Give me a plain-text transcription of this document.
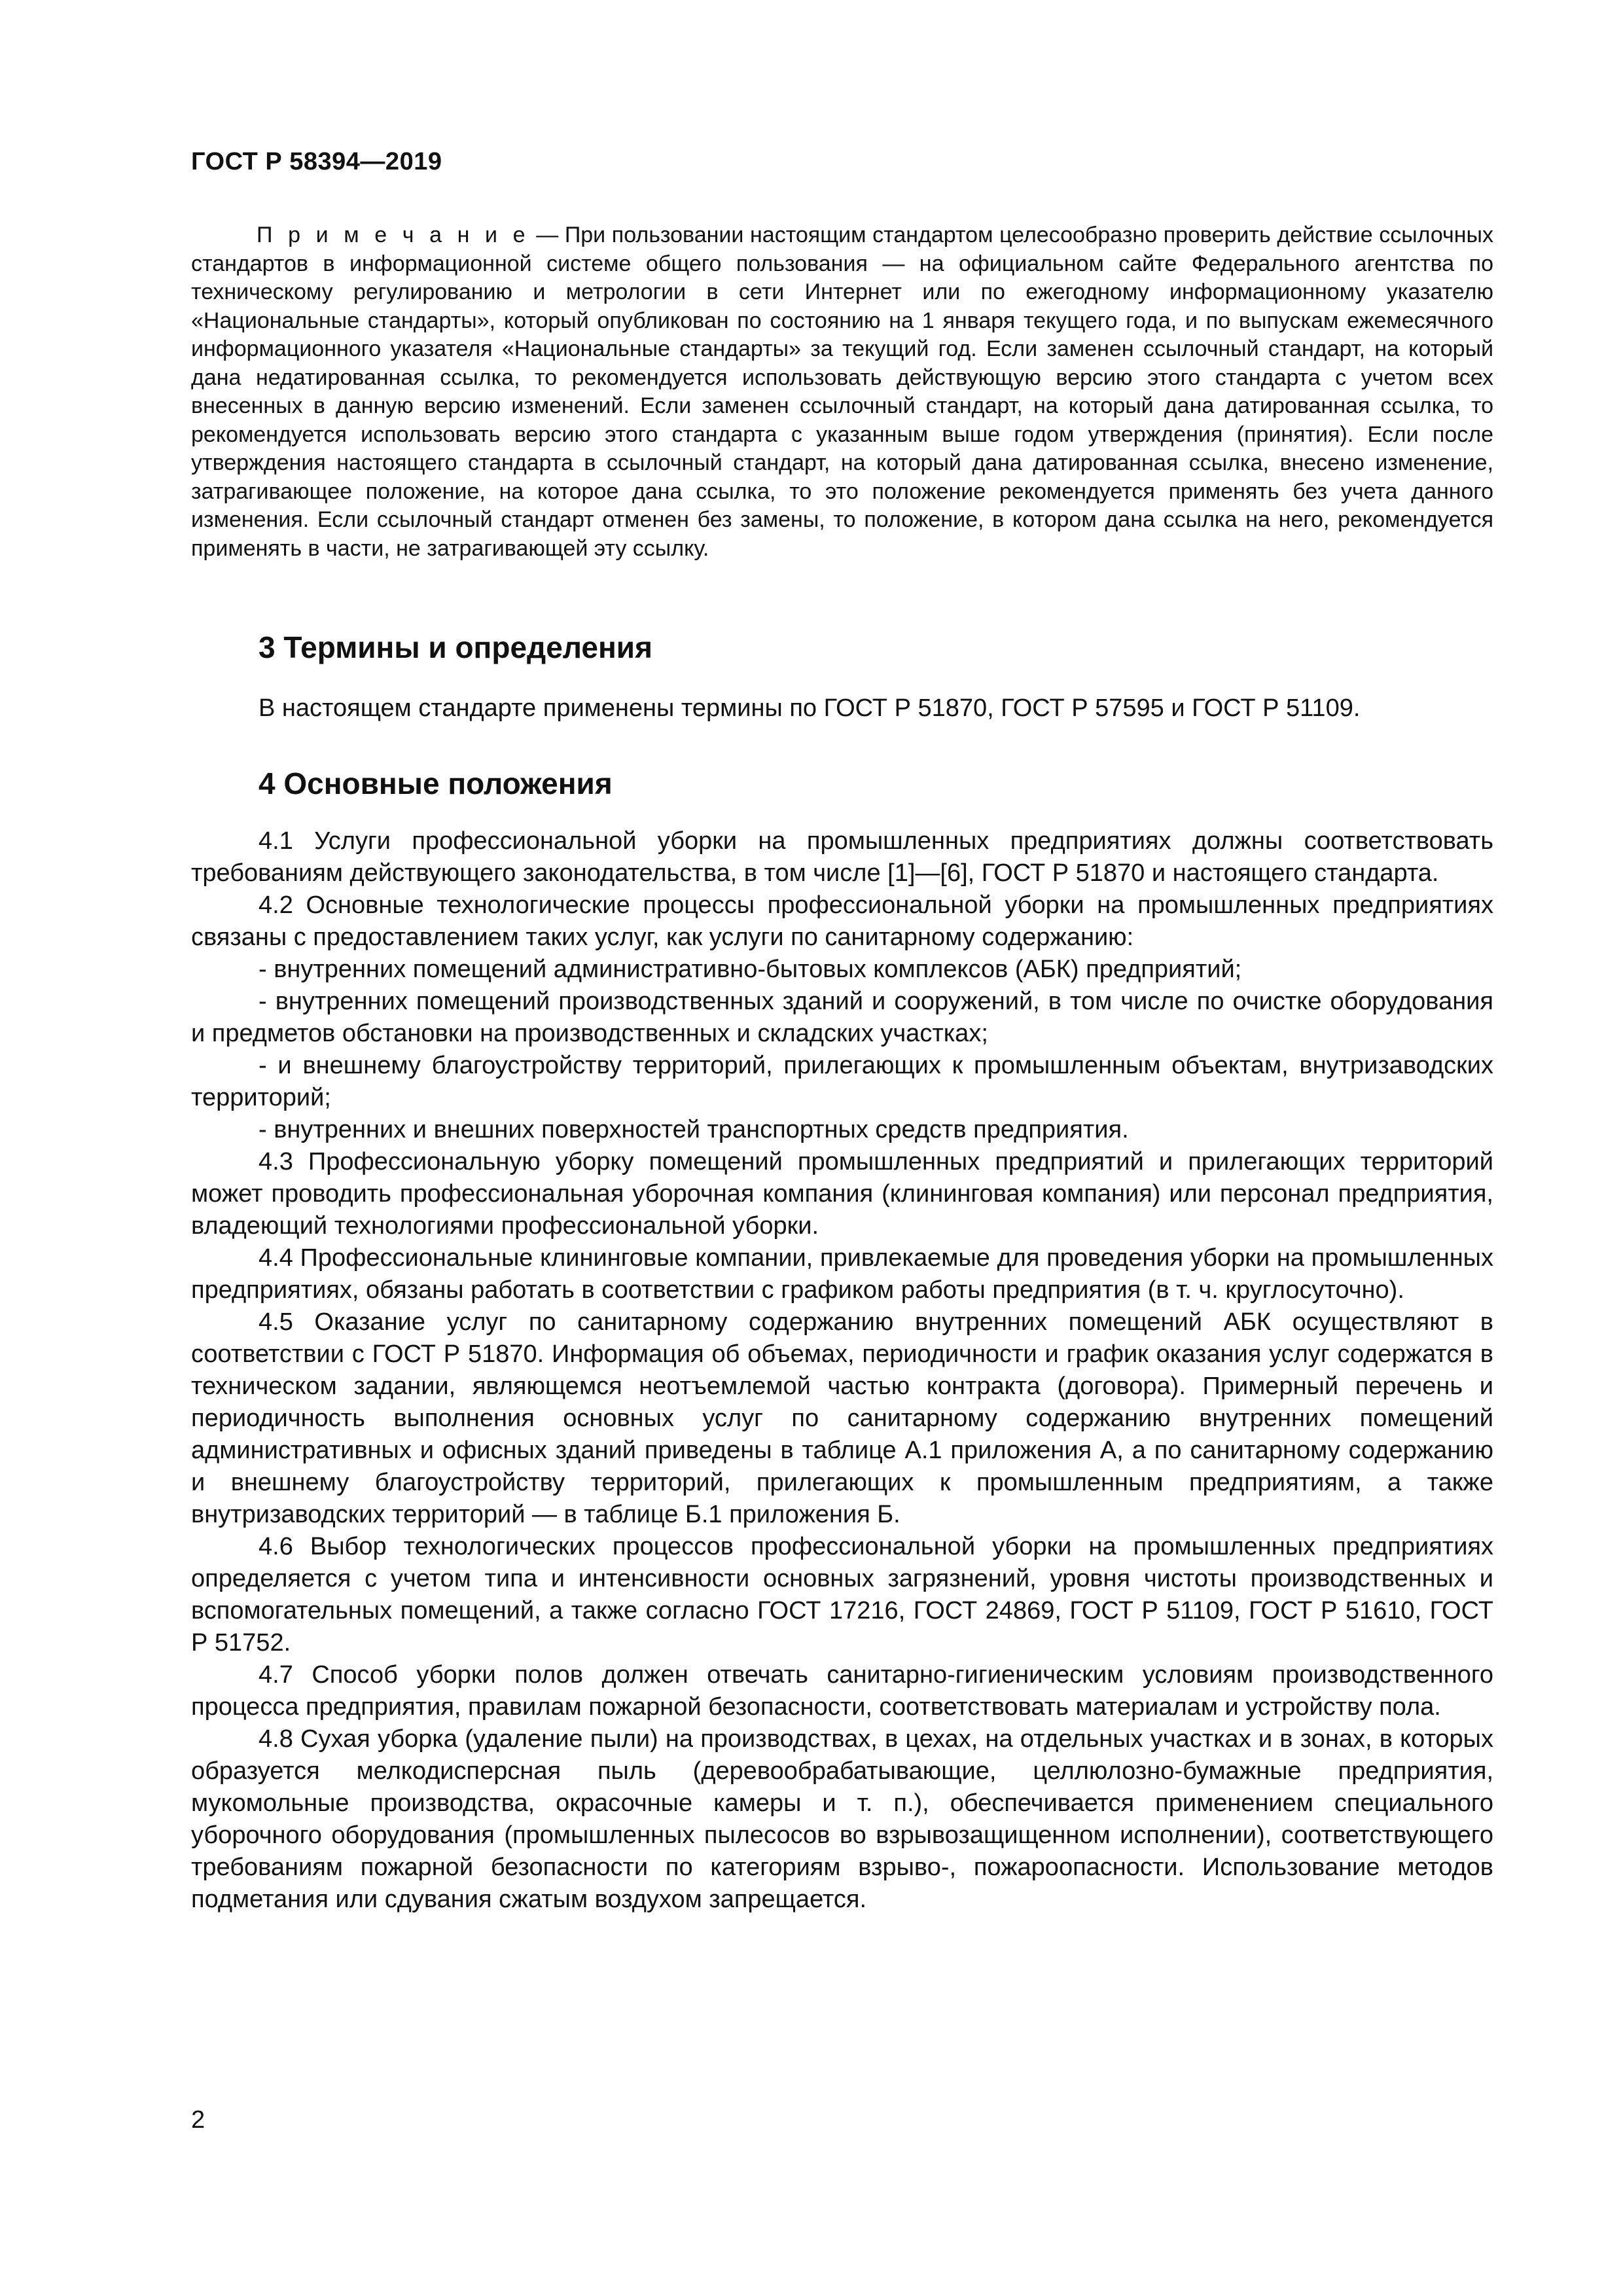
ГОСТ Р 58394—2019
П р и м е ч а н и е — При пользовании настоящим стандартом целесообразно проверить действие ссылочных стандартов в информационной системе общего пользования — на официальном сайте Федерального агентства по техническому регулированию и метрологии в сети Интернет или по ежегодному информационному указателю «Национальные стандарты», который опубликован по состоянию на 1 января текущего года, и по выпускам ежемесячного информационного указателя «Национальные стандарты» за текущий год. Если заменен ссылочный стандарт, на который дана недатированная ссылка, то рекомендуется использовать действующую версию этого стандарта с учетом всех внесенных в данную версию изменений. Если заменен ссылочный стандарт, на который дана датированная ссылка, то рекомендуется использовать версию этого стандарта с указанным выше годом утверждения (принятия). Если после утверждения настоящего стандарта в ссылочный стандарт, на который дана датированная ссылка, внесено изменение, затрагивающее положение, на которое дана ссылка, то это положение рекомендуется применять без учета данного изменения. Если ссылочный стандарт отменен без замены, то положение, в котором дана ссылка на него, рекомендуется применять в части, не затрагивающей эту ссылку.
3 Термины и определения

В настоящем стандарте применены термины по ГОСТ Р 51870, ГОСТ Р 57595 и ГОСТ Р 51109.

4 Основные положения

4.1 Услуги профессиональной уборки на промышленных предприятиях должны соответствовать требованиям действующего законодательства, в том числе [1]—[6], ГОСТ Р 51870 и настоящего стандарта.

4.2 Основные технологические процессы профессиональной уборки на промышленных предприятиях связаны с предоставлением таких услуг, как услуги по санитарному содержанию:

- внутренних помещений административно-бытовых комплексов (АБК) предприятий;

- внутренних помещений производственных зданий и сооружений, в том числе по очистке оборудования и предметов обстановки на производственных и складских участках;

- и внешнему благоустройству территорий, прилегающих к промышленным объектам, внутризаводских территорий;

- внутренних и внешних поверхностей транспортных средств предприятия.

4.3 Профессиональную уборку помещений промышленных предприятий и прилегающих территорий может проводить профессиональная уборочная компания (клининговая компания) или персонал предприятия, владеющий технологиями профессиональной уборки.

4.4 Профессиональные клининговые компании, привлекаемые для проведения уборки на промышленных предприятиях, обязаны работать в соответствии с графиком работы предприятия (в т. ч. круглосуточно).

4.5 Оказание услуг по санитарному содержанию внутренних помещений АБК осуществляют в соответствии с ГОСТ Р 51870. Информация об объемах, периодичности и график оказания услуг содержатся в техническом задании, являющемся неотъемлемой частью контракта (договора). Примерный перечень и периодичность выполнения основных услуг по санитарному содержанию внутренних помещений административных и офисных зданий приведены в таблице А.1 приложения А, а по санитарному содержанию и внешнему благоустройству территорий, прилегающих к промышленным предприятиям, а также внутризаводских территорий — в таблице Б.1 приложения Б.

4.6 Выбор технологических процессов профессиональной уборки на промышленных предприятиях определяется с учетом типа и интенсивности основных загрязнений, уровня чистоты производственных и вспомогательных помещений, а также согласно ГОСТ 17216, ГОСТ 24869, ГОСТ Р 51109, ГОСТ Р 51610, ГОСТ Р 51752.

4.7 Способ уборки полов должен отвечать санитарно-гигиеническим условиям производственного процесса предприятия, правилам пожарной безопасности, соответствовать материалам и устройству пола.

4.8 Сухая уборка (удаление пыли) на производствах, в цехах, на отдельных участках и в зонах, в которых образуется мелкодисперсная пыль (деревообрабатывающие, целлюлозно-бумажные предприятия, мукомольные производства, окрасочные камеры и т. п.), обеспечивается применением специального уборочного оборудования (промышленных пылесосов во взрывозащищенном исполнении), соответствующего требованиям пожарной безопасности по категориям взрыво-, пожароопасности. Использование методов подметания или сдувания сжатым воздухом запрещается.

2
